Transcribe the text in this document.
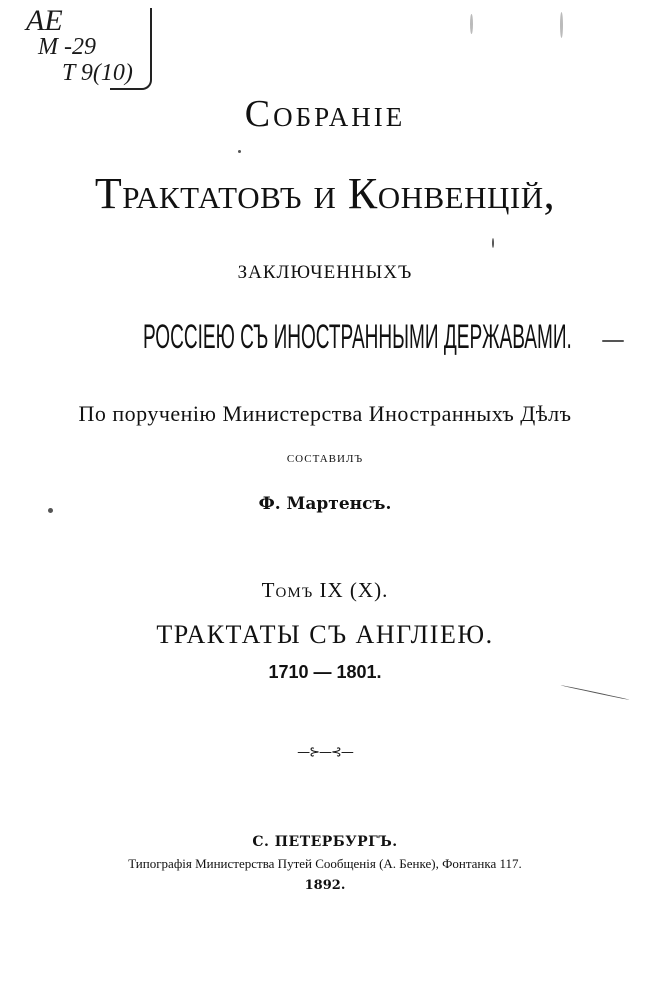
AE
M -29
T 9(10)
Собраніе
Трактатовъ и Конвенцій,
ЗАКЛЮЧЕННЫХЪ
РОССІЕЮ СЪ ИНОСТРАННЫМИ ДЕРЖАВАМИ.
По порученію Министерства Иностранныхъ Дѣлъ
СОСТАВИЛЪ
Ф. Мартенсъ.
Томъ IX (X).
ТРАКТАТЫ СЪ АНГЛІЕЮ.
1710 — 1801.
—⊱—⊰—
С. ПЕТЕРБУРГЪ.
Типографія Министерства Путей Сообщенія (А. Бенке), Фонтанка 117.
1892.
